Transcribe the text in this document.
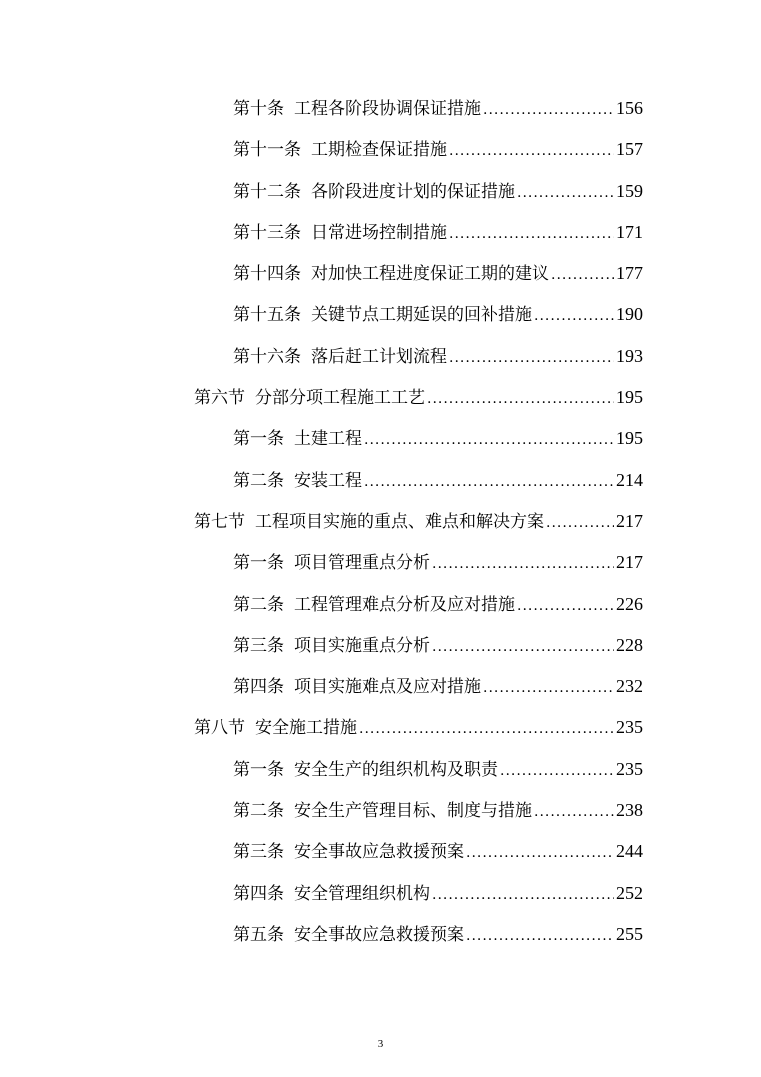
第十条 工程各阶段协调保证措施 .....	156
第十一条 工期检查保证措施 .....	157
第十二条 各阶段进度计划的保证措施 .....	159
第十三条 日常进场控制措施 .....	171
第十四条 对加快工程进度保证工期的建议 .....	177
第十五条 关键节点工期延误的回补措施 .....	190
第十六条 落后赶工计划流程 .....	193
第六节 分部分项工程施工工艺 .....	195
第一条 土建工程 .....	195
第二条 安装工程 .....	214
第七节 工程项目实施的重点、难点和解决方案 .....	217
第一条 项目管理重点分析 .....	217
第二条 工程管理难点分析及应对措施 .....	226
第三条 项目实施重点分析 .....	228
第四条 项目实施难点及应对措施 .....	232
第八节 安全施工措施 .....	235
第一条 安全生产的组织机构及职责 .....	235
第二条 安全生产管理目标、制度与措施 .....	238
第三条 安全事故应急救援预案 .....	244
第四条 安全管理组织机构 .....	252
第五条 安全事故应急救援预案 .....	255
3
